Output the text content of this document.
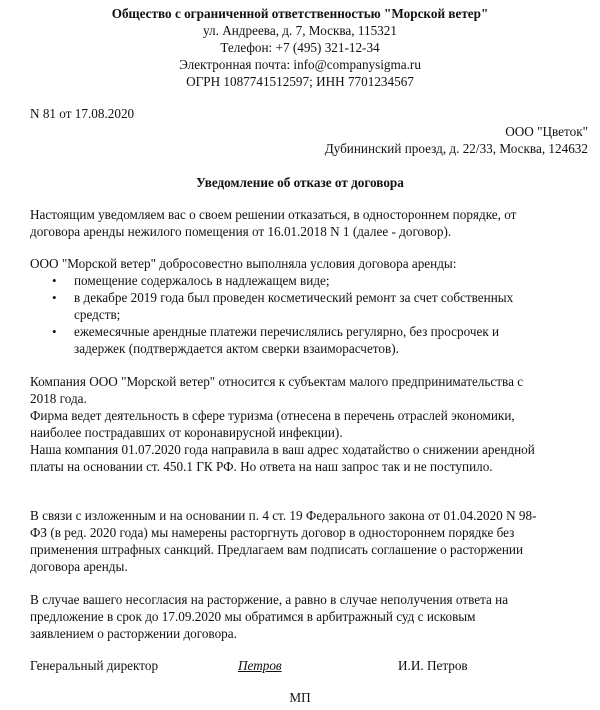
Общество с ограниченной ответственностью "Морской ветер"
ул. Андреева, д. 7, Москва, 115321
Телефон: +7 (495) 321-12-34
Электронная почта: info@companysigma.ru
ОГРН 1087741512597; ИНН 7701234567
N 81 от 17.08.2020
ООО "Цветок"
Дубининский проезд, д. 22/33, Москва, 124632
Уведомление об отказе от договора
Настоящим уведомляем вас о своем решении отказаться, в одностороннем порядке, от
договора аренды нежилого помещения от 16.01.2018 N 1 (далее - договор).
ООО "Морской ветер" добросовестно выполняла условия договора аренды:
• помещение содержалось в надлежащем виде;
• в декабре 2019 года был проведен косметический ремонт за счет собственных
средств;
• ежемесячные арендные платежи перечислялись регулярно, без просрочек и
задержек (подтверждается актом сверки взаиморасчетов).
Компания ООО "Морской ветер" относится к субъектам малого предпринимательства с
2018 года.
Фирма ведет деятельность в сфере туризма (отнесена в перечень отраслей экономики,
наиболее пострадавших от коронавирусной инфекции).
Наша компания 01.07.2020 года направила в ваш адрес ходатайство о снижении арендной
платы на основании ст. 450.1 ГК РФ. Но ответа на наш запрос так и не поступило.
В связи с изложенным и на основании п. 4 ст. 19 Федерального закона от 01.04.2020 N 98-
ФЗ (в ред. 2020 года) мы намерены расторгнуть договор в одностороннем порядке без
применения штрафных санкций. Предлагаем вам подписать соглашение о расторжении
договора аренды.
В случае вашего несогласия на расторжение, а равно в случае неполучения ответа на
предложение в срок до 17.09.2020 мы обратимся в арбитражный суд с исковым
заявлением о расторжении договора.
Генеральный директор	Петров	И.И. Петров
МП
